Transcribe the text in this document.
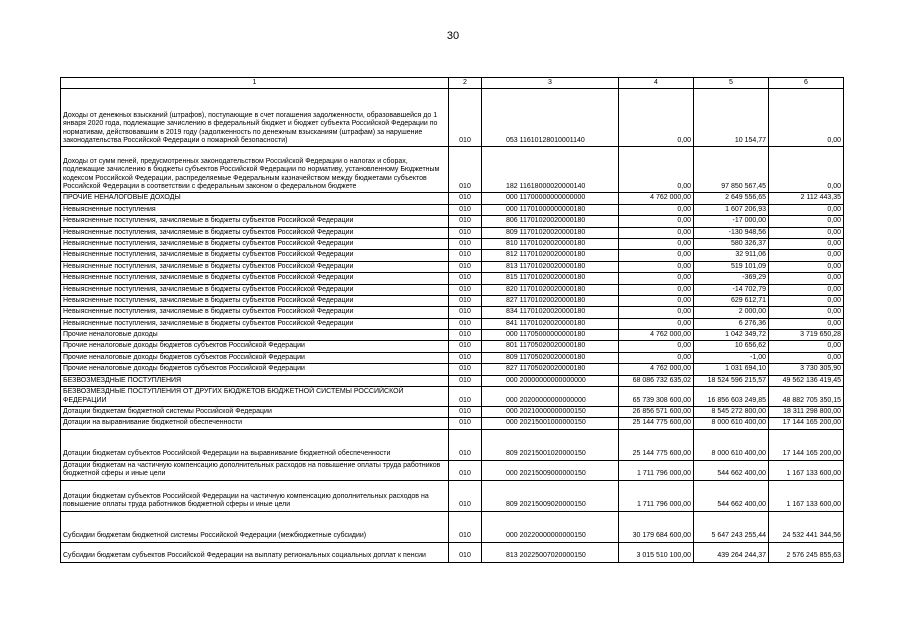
30
1	2	3	4	5	6
Доходы от денежных взысканий (штрафов), поступающие в счет погашения задолженности, образовавшейся до 1 января 2020 года, подлежащие зачислению в федеральный бюджет и бюджет субъекта Российской Федерации по нормативам, действовавшим в 2019 году (задолженность по денежным взысканиям (штрафам) за нарушение законодательства Российской Федерации о пожарной безопасности)	010	053 11610128010001140	0,00	10 154,77	0,00
Доходы от сумм пеней, предусмотренных законодательством Российской Федерации о налогах и сборах, подлежащие зачислению в бюджеты субъектов Российской Федерации по нормативу, установленному Бюджетным кодексом Российской Федерации, распределяемые Федеральным казначейством между бюджетами субъектов Российской Федерации в соответствии с федеральным законом о федеральном бюджете	010	182 11618000020000140	0,00	97 850 567,45	0,00
ПРОЧИЕ НЕНАЛОГОВЫЕ ДОХОДЫ	010	000 11700000000000000	4 762 000,00	2 649 556,65	2 112 443,35
Невыясненные поступления	010	000 11701000000000180	0,00	1 607 206,93	0,00
Невыясненные поступления, зачисляемые в бюджеты субъектов Российской Федерации	010	806 11701020020000180	0,00	-17 000,00	0,00
Невыясненные поступления, зачисляемые в бюджеты субъектов Российской Федерации	010	809 11701020020000180	0,00	-130 948,56	0,00
Невыясненные поступления, зачисляемые в бюджеты субъектов Российской Федерации	010	810 11701020020000180	0,00	580 326,37	0,00
Невыясненные поступления, зачисляемые в бюджеты субъектов Российской Федерации	010	812 11701020020000180	0,00	32 911,06	0,00
Невыясненные поступления, зачисляемые в бюджеты субъектов Российской Федерации	010	813 11701020020000180	0,00	519 101,09	0,00
Невыясненные поступления, зачисляемые в бюджеты субъектов Российской Федерации	010	815 11701020020000180	0,00	-369,29	0,00
Невыясненные поступления, зачисляемые в бюджеты субъектов Российской Федерации	010	820 11701020020000180	0,00	-14 702,79	0,00
Невыясненные поступления, зачисляемые в бюджеты субъектов Российской Федерации	010	827 11701020020000180	0,00	629 612,71	0,00
Невыясненные поступления, зачисляемые в бюджеты субъектов Российской Федерации	010	834 11701020020000180	0,00	2 000,00	0,00
Невыясненные поступления, зачисляемые в бюджеты субъектов Российской Федерации	010	841 11701020020000180	0,00	6 276,36	0,00
Прочие неналоговые доходы	010	000 11705000000000180	4 762 000,00	1 042 349,72	3 719 650,28
Прочие неналоговые доходы бюджетов субъектов Российской Федерации	010	801 11705020020000180	0,00	10 656,62	0,00
Прочие неналоговые доходы бюджетов субъектов Российской Федерации	010	809 11705020020000180	0,00	-1,00	0,00
Прочие неналоговые доходы бюджетов субъектов Российской Федерации	010	827 11705020020000180	4 762 000,00	1 031 694,10	3 730 305,90
БЕЗВОЗМЕЗДНЫЕ ПОСТУПЛЕНИЯ	010	000 20000000000000000	68 086 732 635,02	18 524 596 215,57	49 562 136 419,45
БЕЗВОЗМЕЗДНЫЕ ПОСТУПЛЕНИЯ ОТ ДРУГИХ БЮДЖЕТОВ БЮДЖЕТНОЙ СИСТЕМЫ РОССИЙСКОЙ ФЕДЕРАЦИИ	010	000 20200000000000000	65 739 308 600,00	16 856 603 249,85	48 882 705 350,15
Дотации бюджетам бюджетной системы Российской Федерации	010	000 20210000000000150	26 856 571 600,00	8 545 272 800,00	18 311 298 800,00
Дотации на выравнивание бюджетной обеспеченности	010	000 20215001000000150	25 144 775 600,00	8 000 610 400,00	17 144 165 200,00
Дотации бюджетам субъектов Российской Федерации на выравнивание бюджетной обеспеченности	010	809 20215001020000150	25 144 775 600,00	8 000 610 400,00	17 144 165 200,00
Дотации бюджетам на частичную компенсацию дополнительных расходов на повышение оплаты труда работников бюджетной сферы и иные цели	010	000 20215009000000150	1 711 796 000,00	544 662 400,00	1 167 133 600,00
Дотации бюджетам субъектов Российской Федерации на частичную компенсацию дополнительных расходов на повышение оплаты труда работников бюджетной сферы и иные цели	010	809 20215009020000150	1 711 796 000,00	544 662 400,00	1 167 133 600,00
Субсидии бюджетам бюджетной системы Российской Федерации (межбюджетные субсидии)	010	000 20220000000000150	30 179 684 600,00	5 647 243 255,44	24 532 441 344,56
Субсидии бюджетам субъектов Российской Федерации на выплату региональных социальных доплат к пенсии	010	813 20225007020000150	3 015 510 100,00	439 264 244,37	2 576 245 855,63
